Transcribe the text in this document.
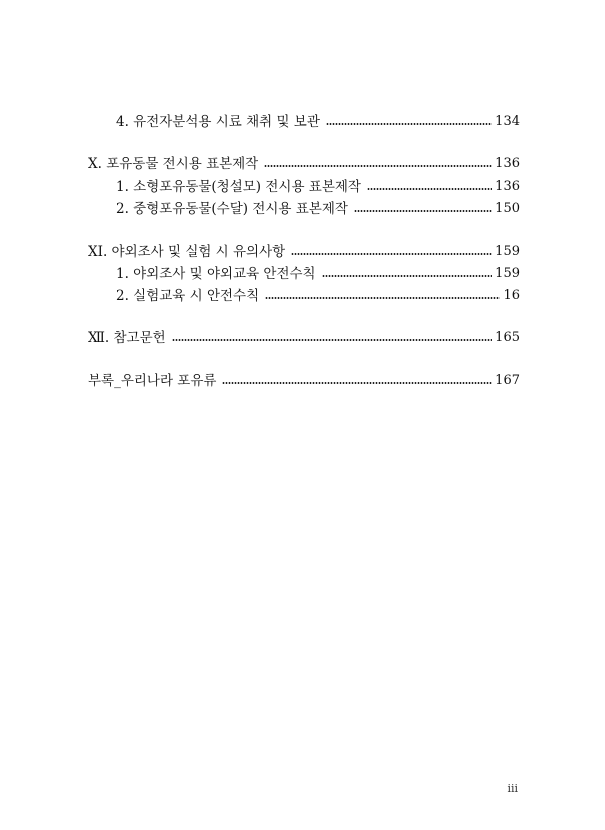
4. 유전자분석용 시료 채취 및 보관	134
Ⅹ. 포유동물 전시용 표본제작	136
1. 소형포유동물(청설모) 전시용 표본제작	136
2. 중형포유동물(수달) 전시용 표본제작	150
XI. 야외조사 및 실험 시 유의사항	159
1. 야외조사 및 야외교육 안전수칙	159
2. 실험교육 시 안전수칙	16
Ⅻ. 참고문헌	165
부록_우리나라 포유류	167
iii
